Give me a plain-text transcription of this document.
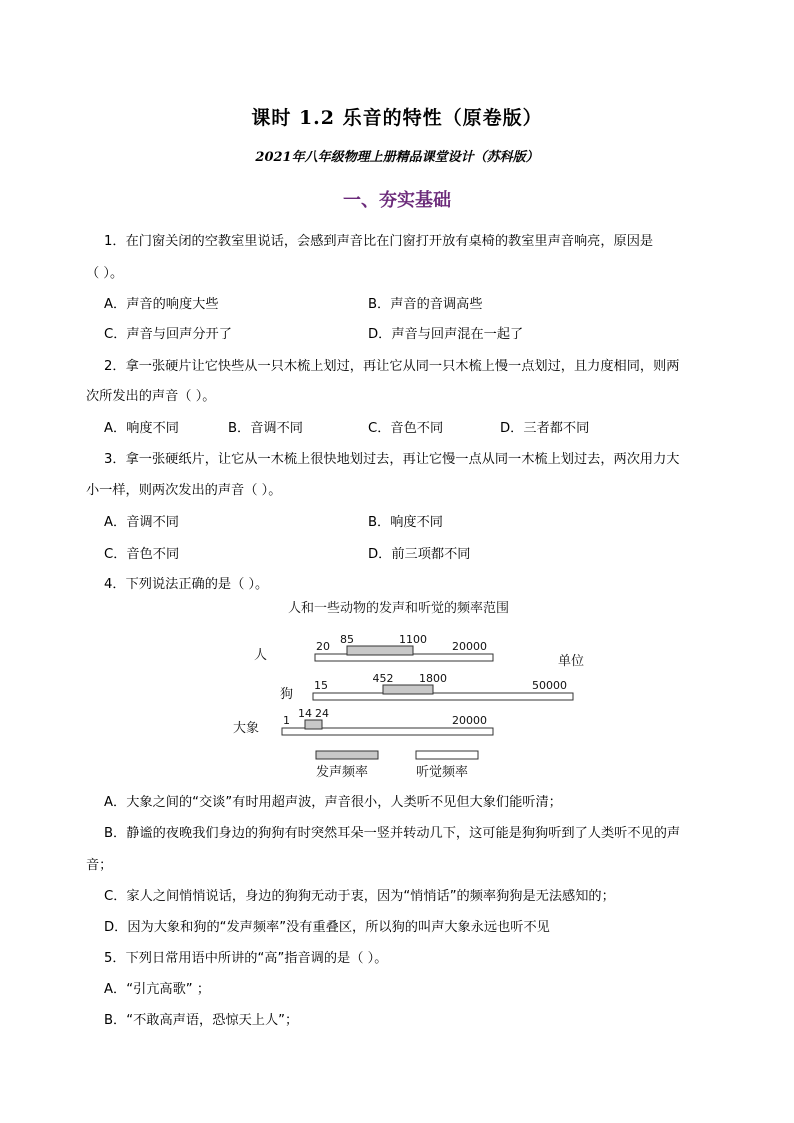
课时 1.2 乐音的特性（原卷版）
2021年八年级物理上册精品课堂设计（苏科版）
一、夯实基础
1．在门窗关闭的空教室里说话，会感到声音比在门窗打开放有桌椅的教室里声音响亮，原因是
（ ）。
A．声音的响度大些	B．声音的音调高些
C．声音与回声分开了	D．声音与回声混在一起了
2．拿一张硬片让它快些从一只木梳上划过，再让它从同一只木梳上慢一点划过，且力度相同，则两
次所发出的声音（ ）。
A．响度不同	B．音调不同	C．音色不同	D．三者都不同
3．拿一张硬纸片，让它从一木梳上很快地划过去，再让它慢一点从同一木梳上划过去，两次用力大
小一样，则两次发出的声音（ ）。
A．音调不同	B．响度不同
C．音色不同	D．前三项都不同
4．下列说法正确的是（ ）。
人和一些动物的发声和听觉的频率范围
人
20	20000
85	1100
狗
15	50000
452 1800
大象
1	20000
14 24
单位
发声频率	听觉频率
A．大象之间的“交谈”有时用超声波，声音很小，人类听不见但大象们能听清；
B．静谧的夜晚我们身边的狗狗有时突然耳朵一竖并转动几下，这可能是狗狗听到了人类听不见的声
音；
C．家人之间悄悄说话，身边的狗狗无动于衷，因为“悄悄话”的频率狗狗是无法感知的；
D．因为大象和狗的“发声频率”没有重叠区，所以狗的叫声大象永远也听不见
5．下列日常用语中所讲的“高”指音调的是（ ）。
A．“引亢高歌” ；
B．“不敢高声语，恐惊天上人”；
